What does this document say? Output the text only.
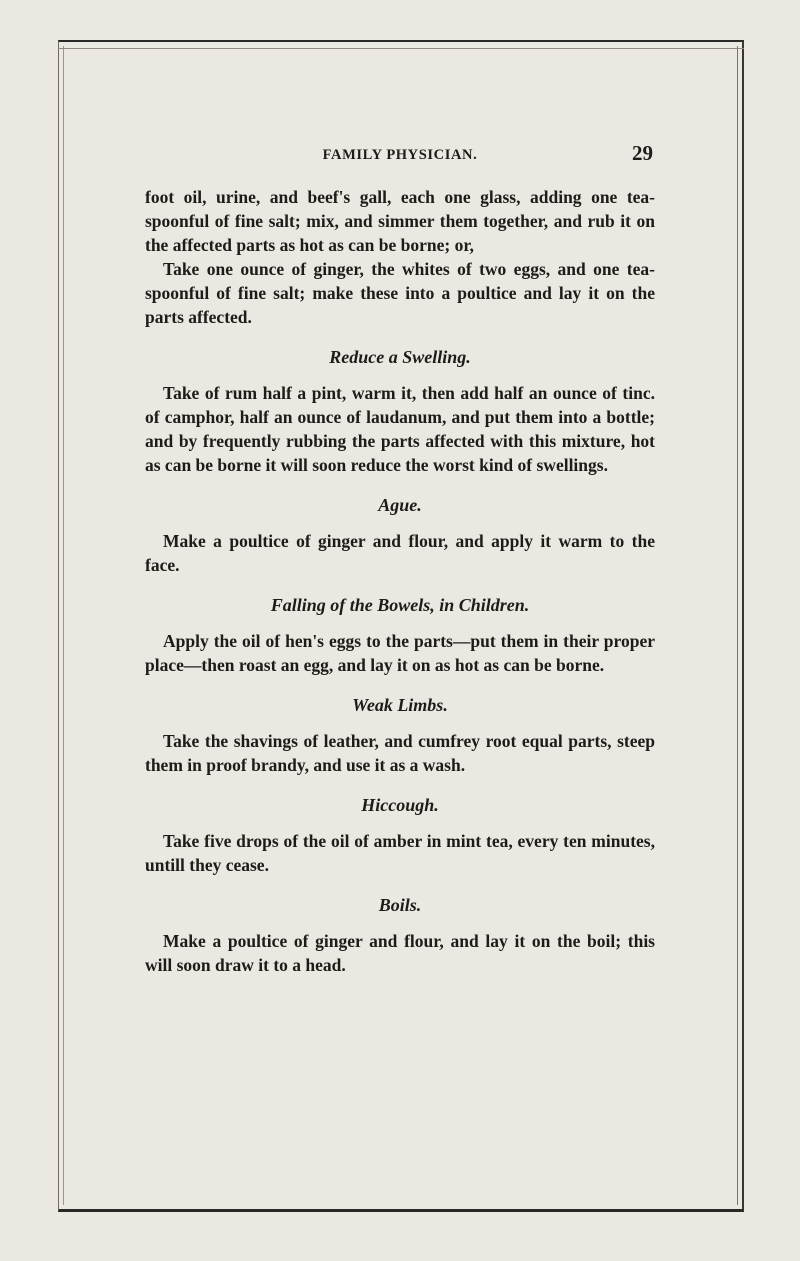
FAMILY PHYSICIAN.	29

foot oil, urine, and beef's gall, each one glass, adding one tea-spoonful of fine salt; mix, and simmer them together, and rub it on the affected parts as hot as can be borne; or,

Take one ounce of ginger, the whites of two eggs, and one tea-spoonful of fine salt; make these into a poultice and lay it on the parts affected.

Reduce a Swelling.

Take of rum half a pint, warm it, then add half an ounce of tinc. of camphor, half an ounce of laudanum, and put them into a bottle; and by frequently rubbing the parts affected with this mixture, hot as can be borne it will soon reduce the worst kind of swellings.

Ague.

Make a poultice of ginger and flour, and apply it warm to the face.

Falling of the Bowels, in Children.

Apply the oil of hen's eggs to the parts—put them in their proper place—then roast an egg, and lay it on as hot as can be borne.

Weak Limbs.

Take the shavings of leather, and cumfrey root equal parts, steep them in proof brandy, and use it as a wash.

Hiccough.

Take five drops of the oil of amber in mint tea, every ten minutes, untill they cease.

Boils.

Make a poultice of ginger and flour, and lay it on the boil; this will soon draw it to a head.
